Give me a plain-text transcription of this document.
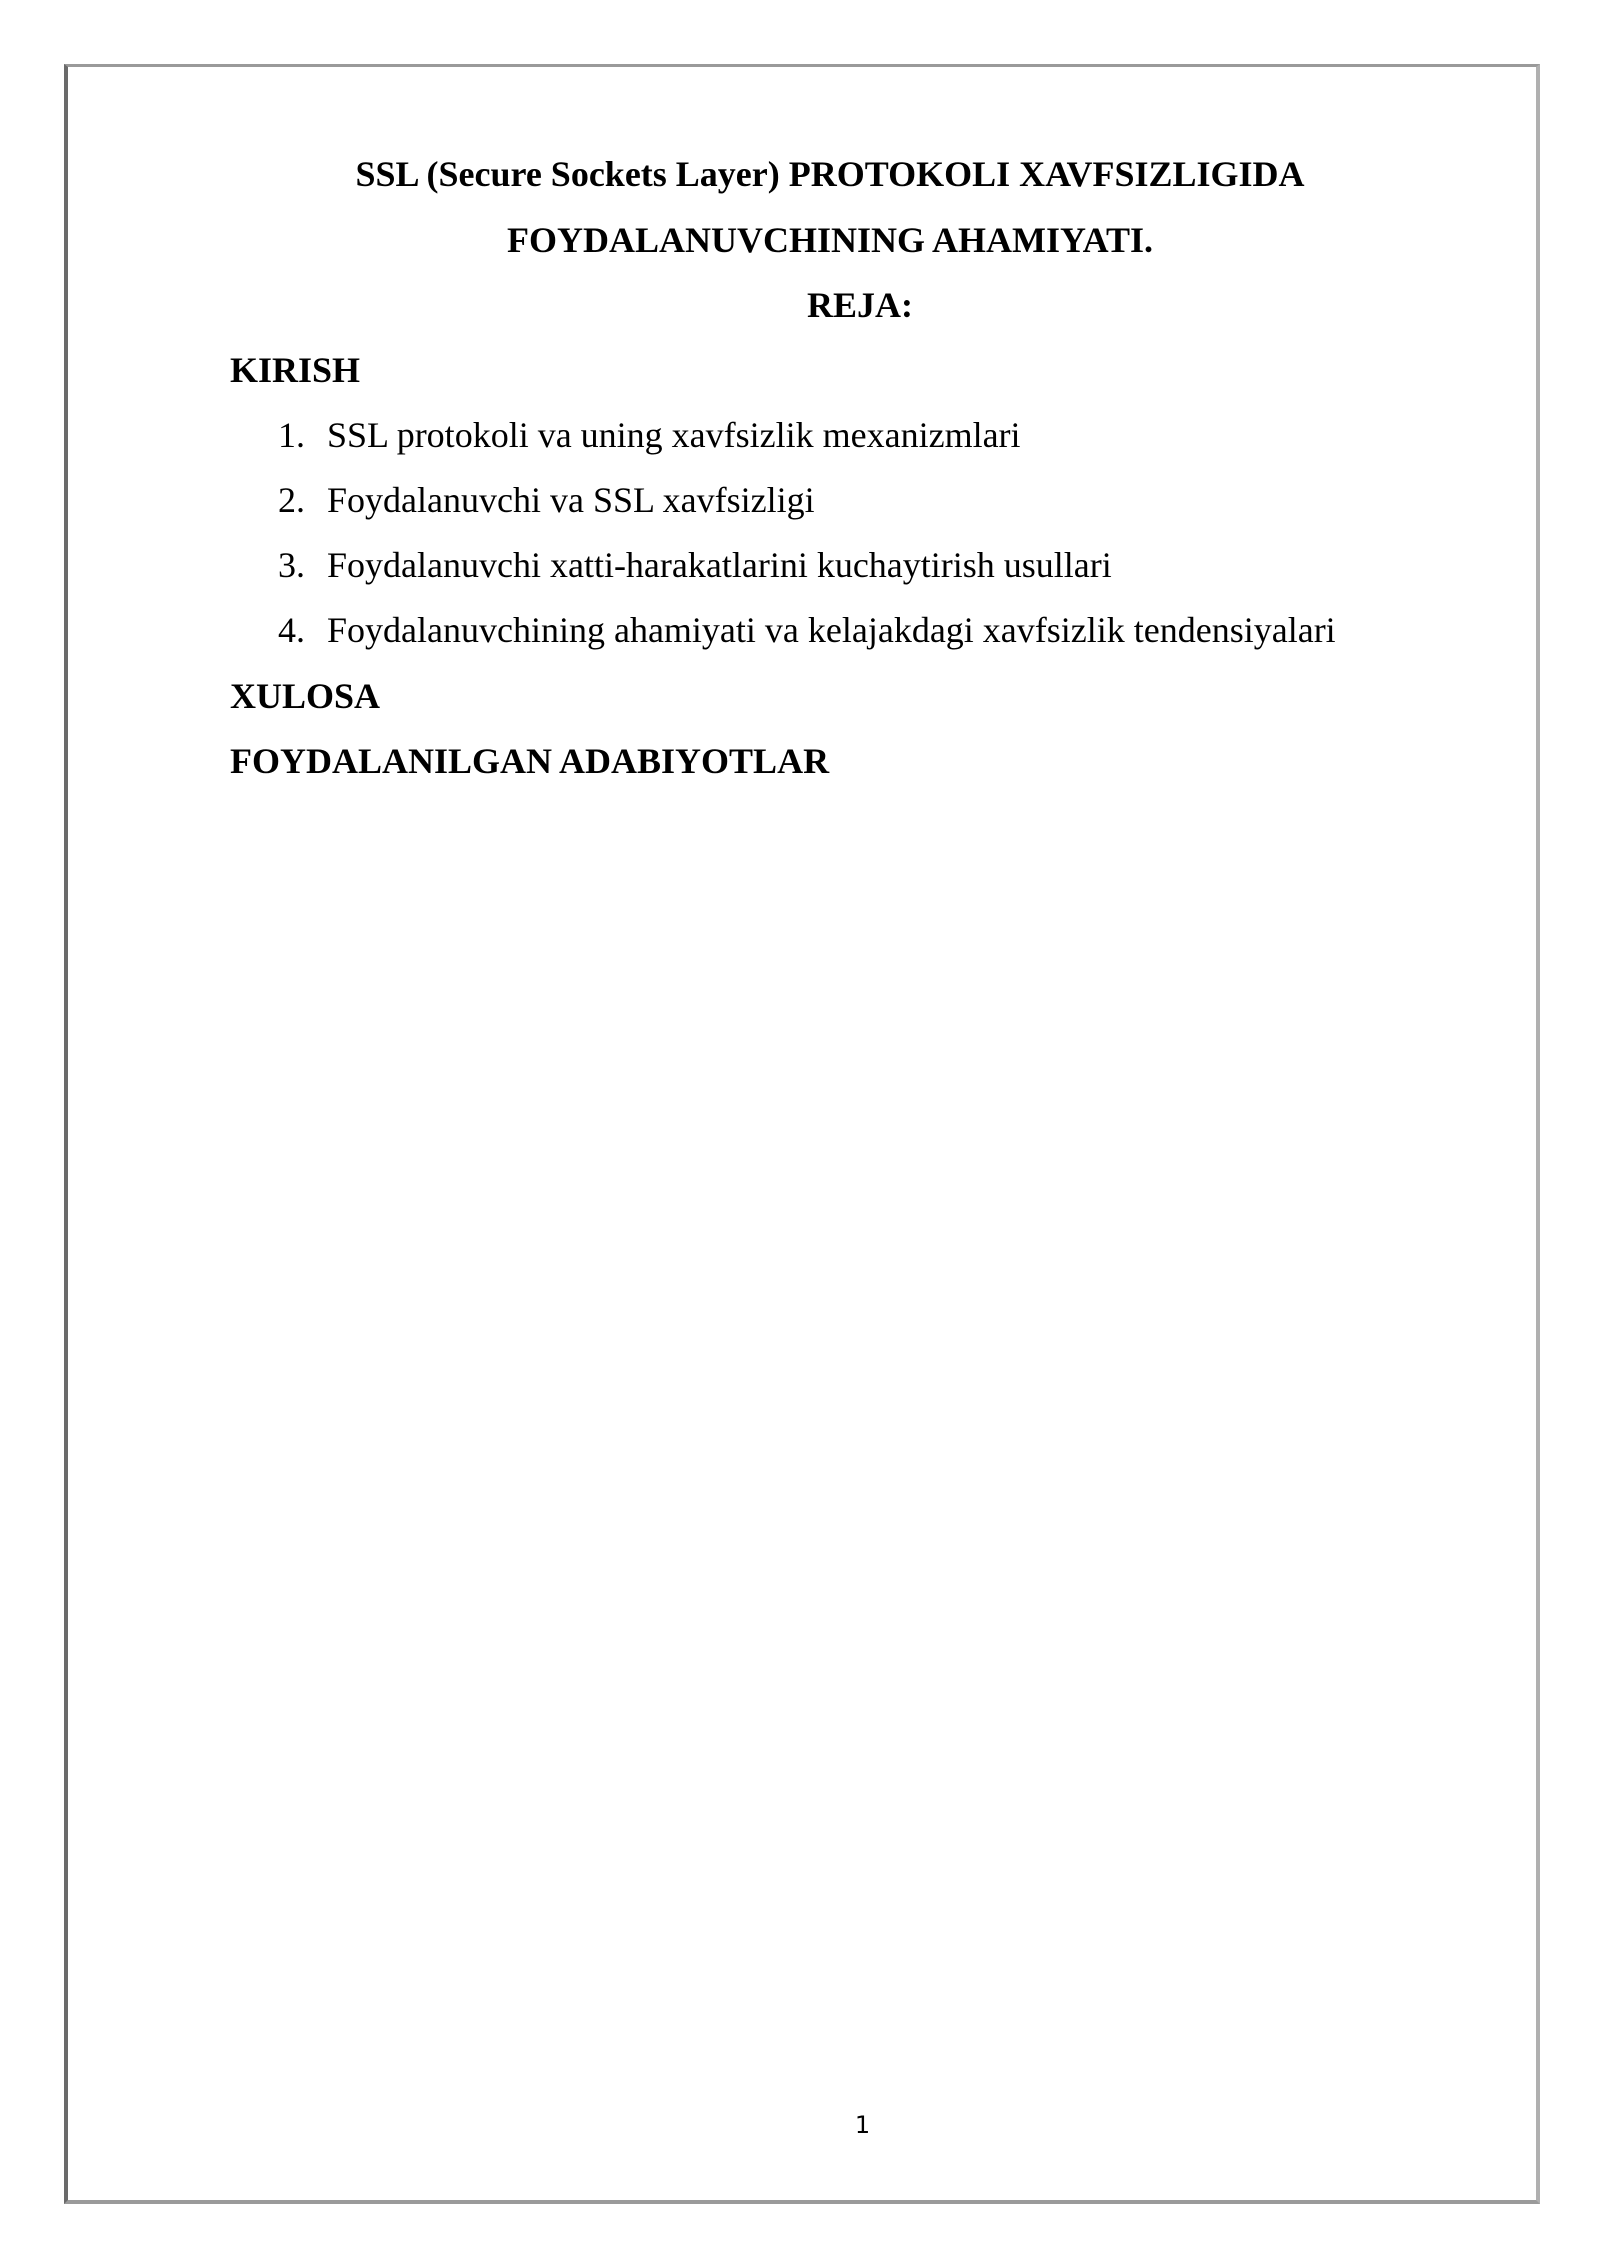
SSL (Secure Sockets Layer) PROTOKOLI XAVFSIZLIGIDA
FOYDALANUVCHINING AHAMIYATI.
REJA:
KIRISH
1. SSL protokoli va uning xavfsizlik mexanizmlari
2. Foydalanuvchi va SSL xavfsizligi
3. Foydalanuvchi xatti-harakatlarini kuchaytirish usullari
4. Foydalanuvchining ahamiyati va kelajakdagi xavfsizlik tendensiyalari
XULOSA
FOYDALANILGAN ADABIYOTLAR
1
